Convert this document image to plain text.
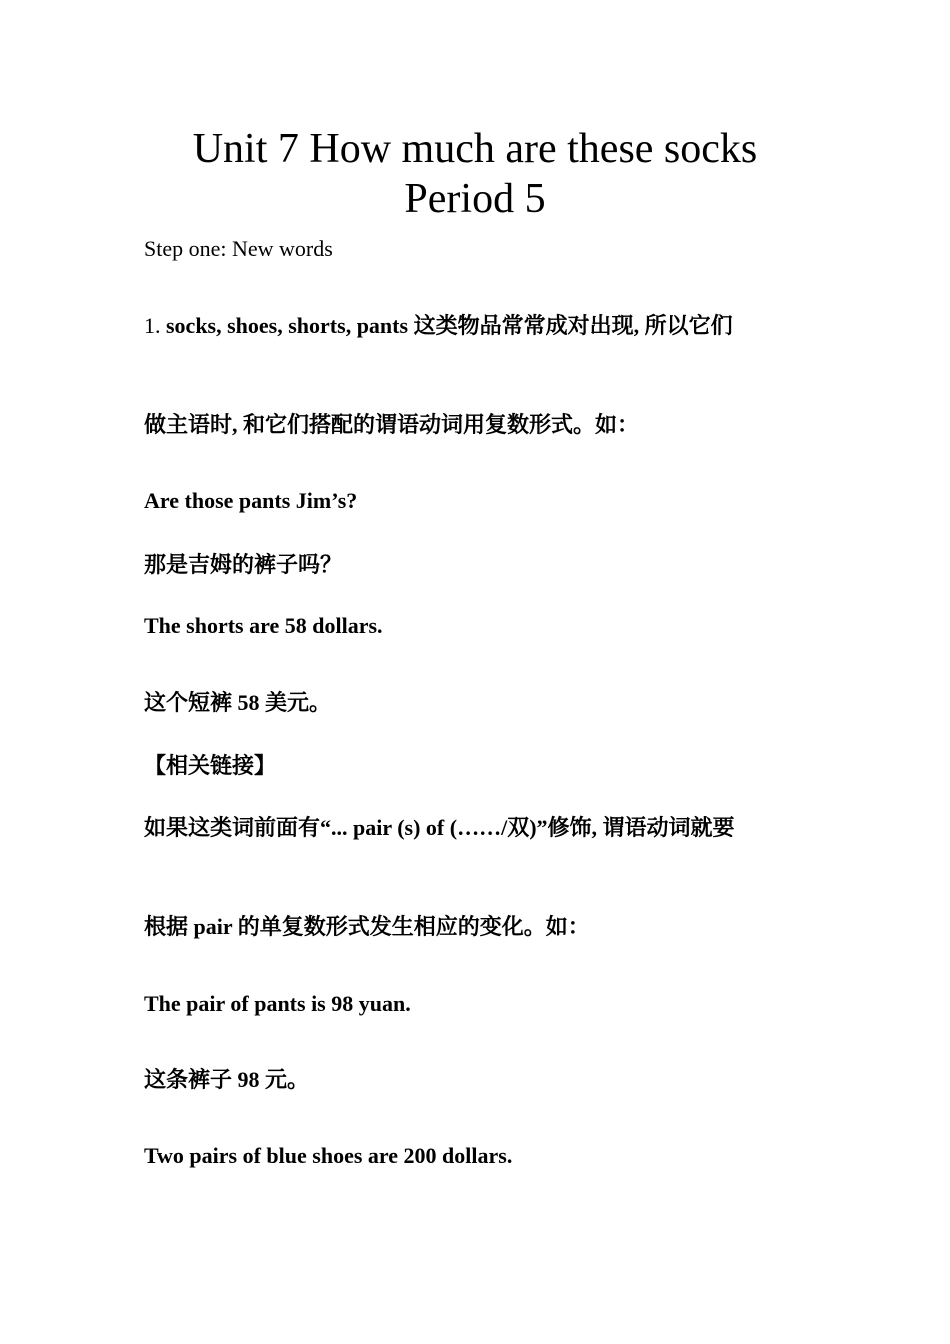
Unit 7 How much are these socks
Period 5
Step one: New words
1. socks, shoes, shorts, pants 这类物品常常成对出现, 所以它们
做主语时, 和它们搭配的谓语动词用复数形式。如：
Are those pants Jim’s?
那是吉姆的裤子吗？
The shorts are 58 dollars.
这个短裤 58 美元。
【相关链接】
如果这类词前面有“... pair (s) of (……/双)”修饰, 谓语动词就要
根据 pair 的单复数形式发生相应的变化。如：
The pair of pants is 98 yuan.
这条裤子 98 元。
Two pairs of blue shoes are 200 dollars.
